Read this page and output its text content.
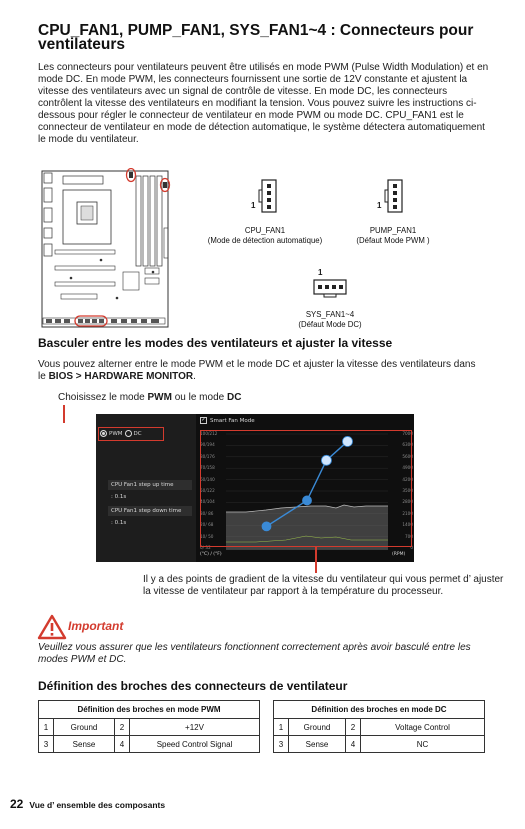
CPU_FAN1, PUMP_FAN1, SYS_FAN1~4 : Connecteurs pour ventilateurs
Les connecteurs pour ventilateurs peuvent être utilisés en mode PWM (Pulse Width Modulation) et en mode DC. En mode PWM, les connecteurs fournissent une sortie de 12V constante et ajustent la vitesse des ventilateurs avec un signal de contrôle de vitesse. En mode DC, les connecteurs contrôlent la vitesse des ventilateurs en modifiant la tension. Vous pouvez suivre les instructions ci-dessous pour régler le connecteur de ventilateur en mode PWM ou mode DC. CPU_FAN1 est le connecteur de ventilateur en mode de détection automatique, le système détectera automatiquement le mode du ventilateur.
1
CPU_FAN1
(Mode de détection automatique)
1
PUMP_FAN1
(Défaut Mode PWM )
1
SYS_FAN1~4
(Défaut Mode DC)
Basculer entre les modes des ventilateurs et ajuster la vitesse
Vous pouvez alterner entre le mode PWM et le mode DC et ajuster la vitesse des ventilateurs dans le BIOS > HARDWARE MONITOR.
Choisissez le mode PWM ou le mode DC
PWM DC
CPU Fan1 step up time
: 0.1s
CPU Fan1 step down time
: 0.1s
✓ Smart Fan Mode
100/212
90/194
80/176
70/158
60/140
50/122
40/104
30/ 86
20/ 68
10/ 50
0/ 32
7000
6300
5600
4900
4200
3500
2800
2100
1400
700
0
(°C) / (°F)	(RPM)
Il y a des points de gradient de la vitesse du ventilateur qui vous permet d’ ajuster la vitesse de ventilateur par rapport à la température du processeur.
Important
Veuillez vous assurer que les ventilateurs fonctionnent correctement après avoir basculé entre les modes PWM et DC.
Définition des broches des connecteurs de ventilateur
Définition des broches en mode PWM			
1	Ground	2	+12V
3	Sense	4	Speed Control Signal
Définition des broches en mode DC			
1	Ground	2	Voltage Control
3	Sense	4	NC
22 Vue d’ ensemble des composants
